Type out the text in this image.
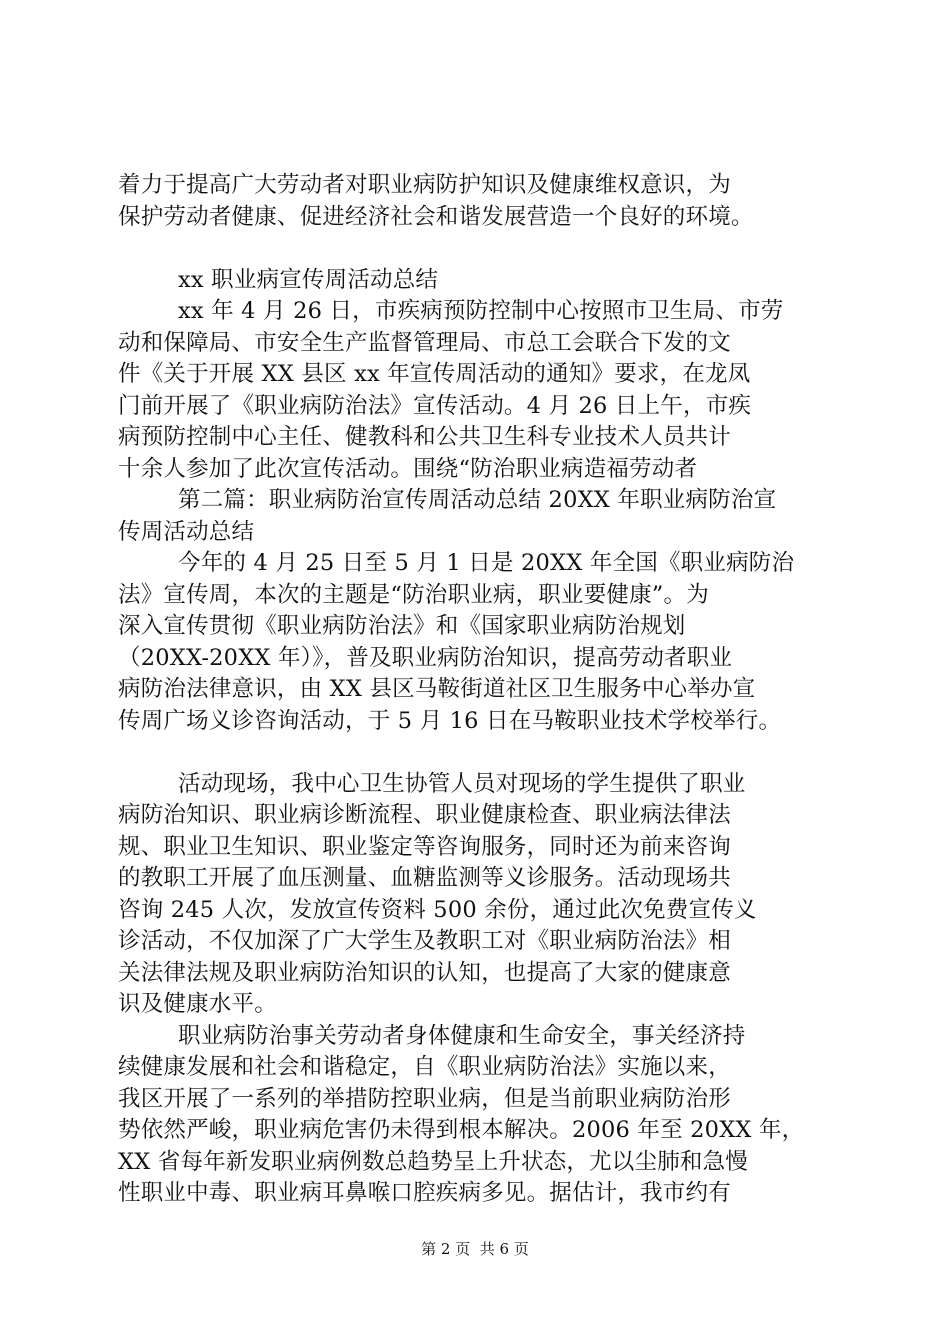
着力于提高广大劳动者对职业病防护知识及健康维权意识，为
保护劳动者健康、促进经济社会和谐发展营造一个良好的环境。
xx 职业病宣传周活动总结
xx 年 4 月 26 日，市疾病预防控制中心按照市卫生局、市劳
动和保障局、市安全生产监督管理局、市总工会联合下发的文
件《关于开展 XX 县区 xx 年宣传周活动的通知》要求，在龙凤
门前开展了《职业病防治法》宣传活动。4 月 26 日上午，市疾
病预防控制中心主任、健教科和公共卫生科专业技术人员共计
十余人参加了此次宣传活动。围绕“防治职业病造福劳动者
第二篇：职业病防治宣传周活动总结 20XX 年职业病防治宣
传周活动总结
今年的 4 月 25 日至 5 月 1 日是 20XX 年全国《职业病防治
法》宣传周，本次的主题是“防治职业病，职业要健康”。为
深入宣传贯彻《职业病防治法》和《国家职业病防治规划
（20XX-20XX 年）》，普及职业病防治知识，提高劳动者职业
病防治法律意识，由 XX 县区马鞍街道社区卫生服务中心举办宣
传周广场义诊咨询活动，于 5 月 16 日在马鞍职业技术学校举行。
活动现场，我中心卫生协管人员对现场的学生提供了职业
病防治知识、职业病诊断流程、职业健康检查、职业病法律法
规、职业卫生知识、职业鉴定等咨询服务，同时还为前来咨询
的教职工开展了血压测量、血糖监测等义诊服务。活动现场共
咨询 245 人次，发放宣传资料 500 余份，通过此次免费宣传义
诊活动，不仅加深了广大学生及教职工对《职业病防治法》相
关法律法规及职业病防治知识的认知，也提高了大家的健康意
识及健康水平。
职业病防治事关劳动者身体健康和生命安全，事关经济持
续健康发展和社会和谐稳定，自《职业病防治法》实施以来，
我区开展了一系列的举措防控职业病，但是当前职业病防治形
势依然严峻，职业病危害仍未得到根本解决。2006 年至 20XX 年，
XX 省每年新发职业病例数总趋势呈上升状态，尤以尘肺和急慢
性职业中毒、职业病耳鼻喉口腔疾病多见。据估计，我市约有
第 2 页  共 6 页
